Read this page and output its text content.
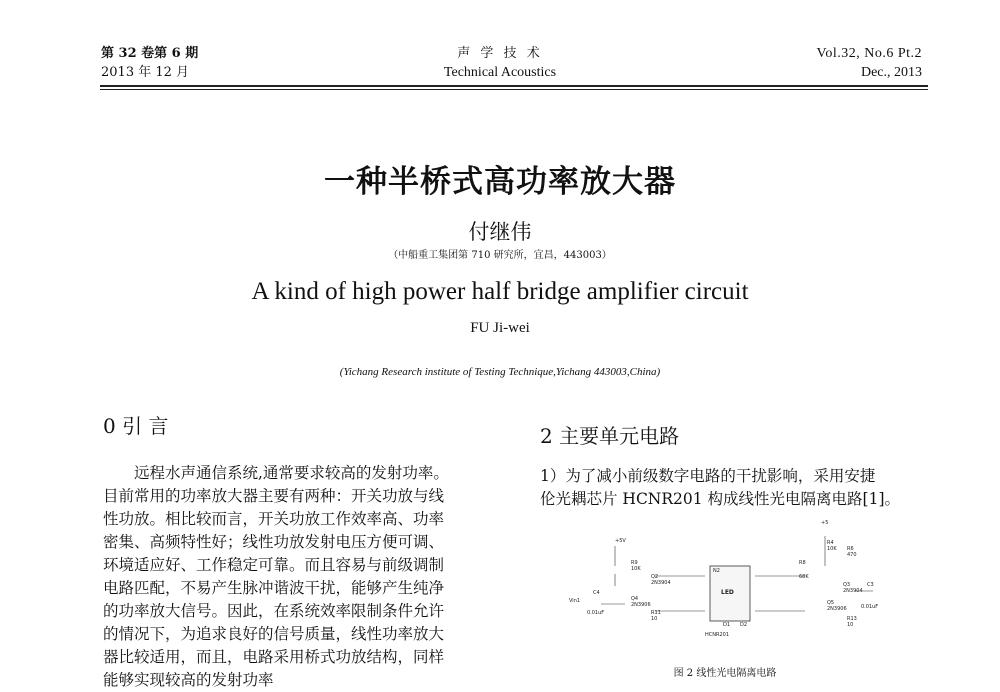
第 32 卷第 6 期
2013 年 12 月
声 学 技 术
Technical Acoustics
Vol.32, No.6 Pt.2
Dec., 2013
一种半桥式高功率放大器
付继伟
（中船重工集团第 710 研究所，宜昌，443003）
A kind of high power half bridge amplifier circuit
FU Ji-wei
(Yichang Research institute of Testing Technique,Yichang 443003,China)
0 引 言
远程水声通信系统,通常要求较高的发射功率。
目前常用的功率放大器主要有两种：开关功放与线
性功放。相比较而言，开关功放工作效率高、功率
密集、高频特性好；线性功放发射电压方便可调、
环境适应好、工作稳定可靠。而且容易与前级调制
电路匹配，不易产生脉冲谐波干扰，能够产生纯净
的功率放大信号。因此，在系统效率限制条件允许
的情况下，为追求良好的信号质量，线性功率放大
器比较适用，而且，电路采用桥式功放结构，同样
能够实现较高的发射功率
2 主要单元电路
1）为了减小前级数字电路的干扰影响，采用安捷
伦光耦芯片 HCNR201 构成线性光电隔离电路[1]。
+5V
+5
R9
10K
Q2
2N3904
C4
Vin1
0.01uF
Q4
2N3906
R11
10
N2
LED
D1 D2
HCNR201
R8
68K
R4
10K R6
470
Q3
2N3904
C3
0.01uF
Q5
2N3906
R13
10
图 2 线性光电隔离电路
